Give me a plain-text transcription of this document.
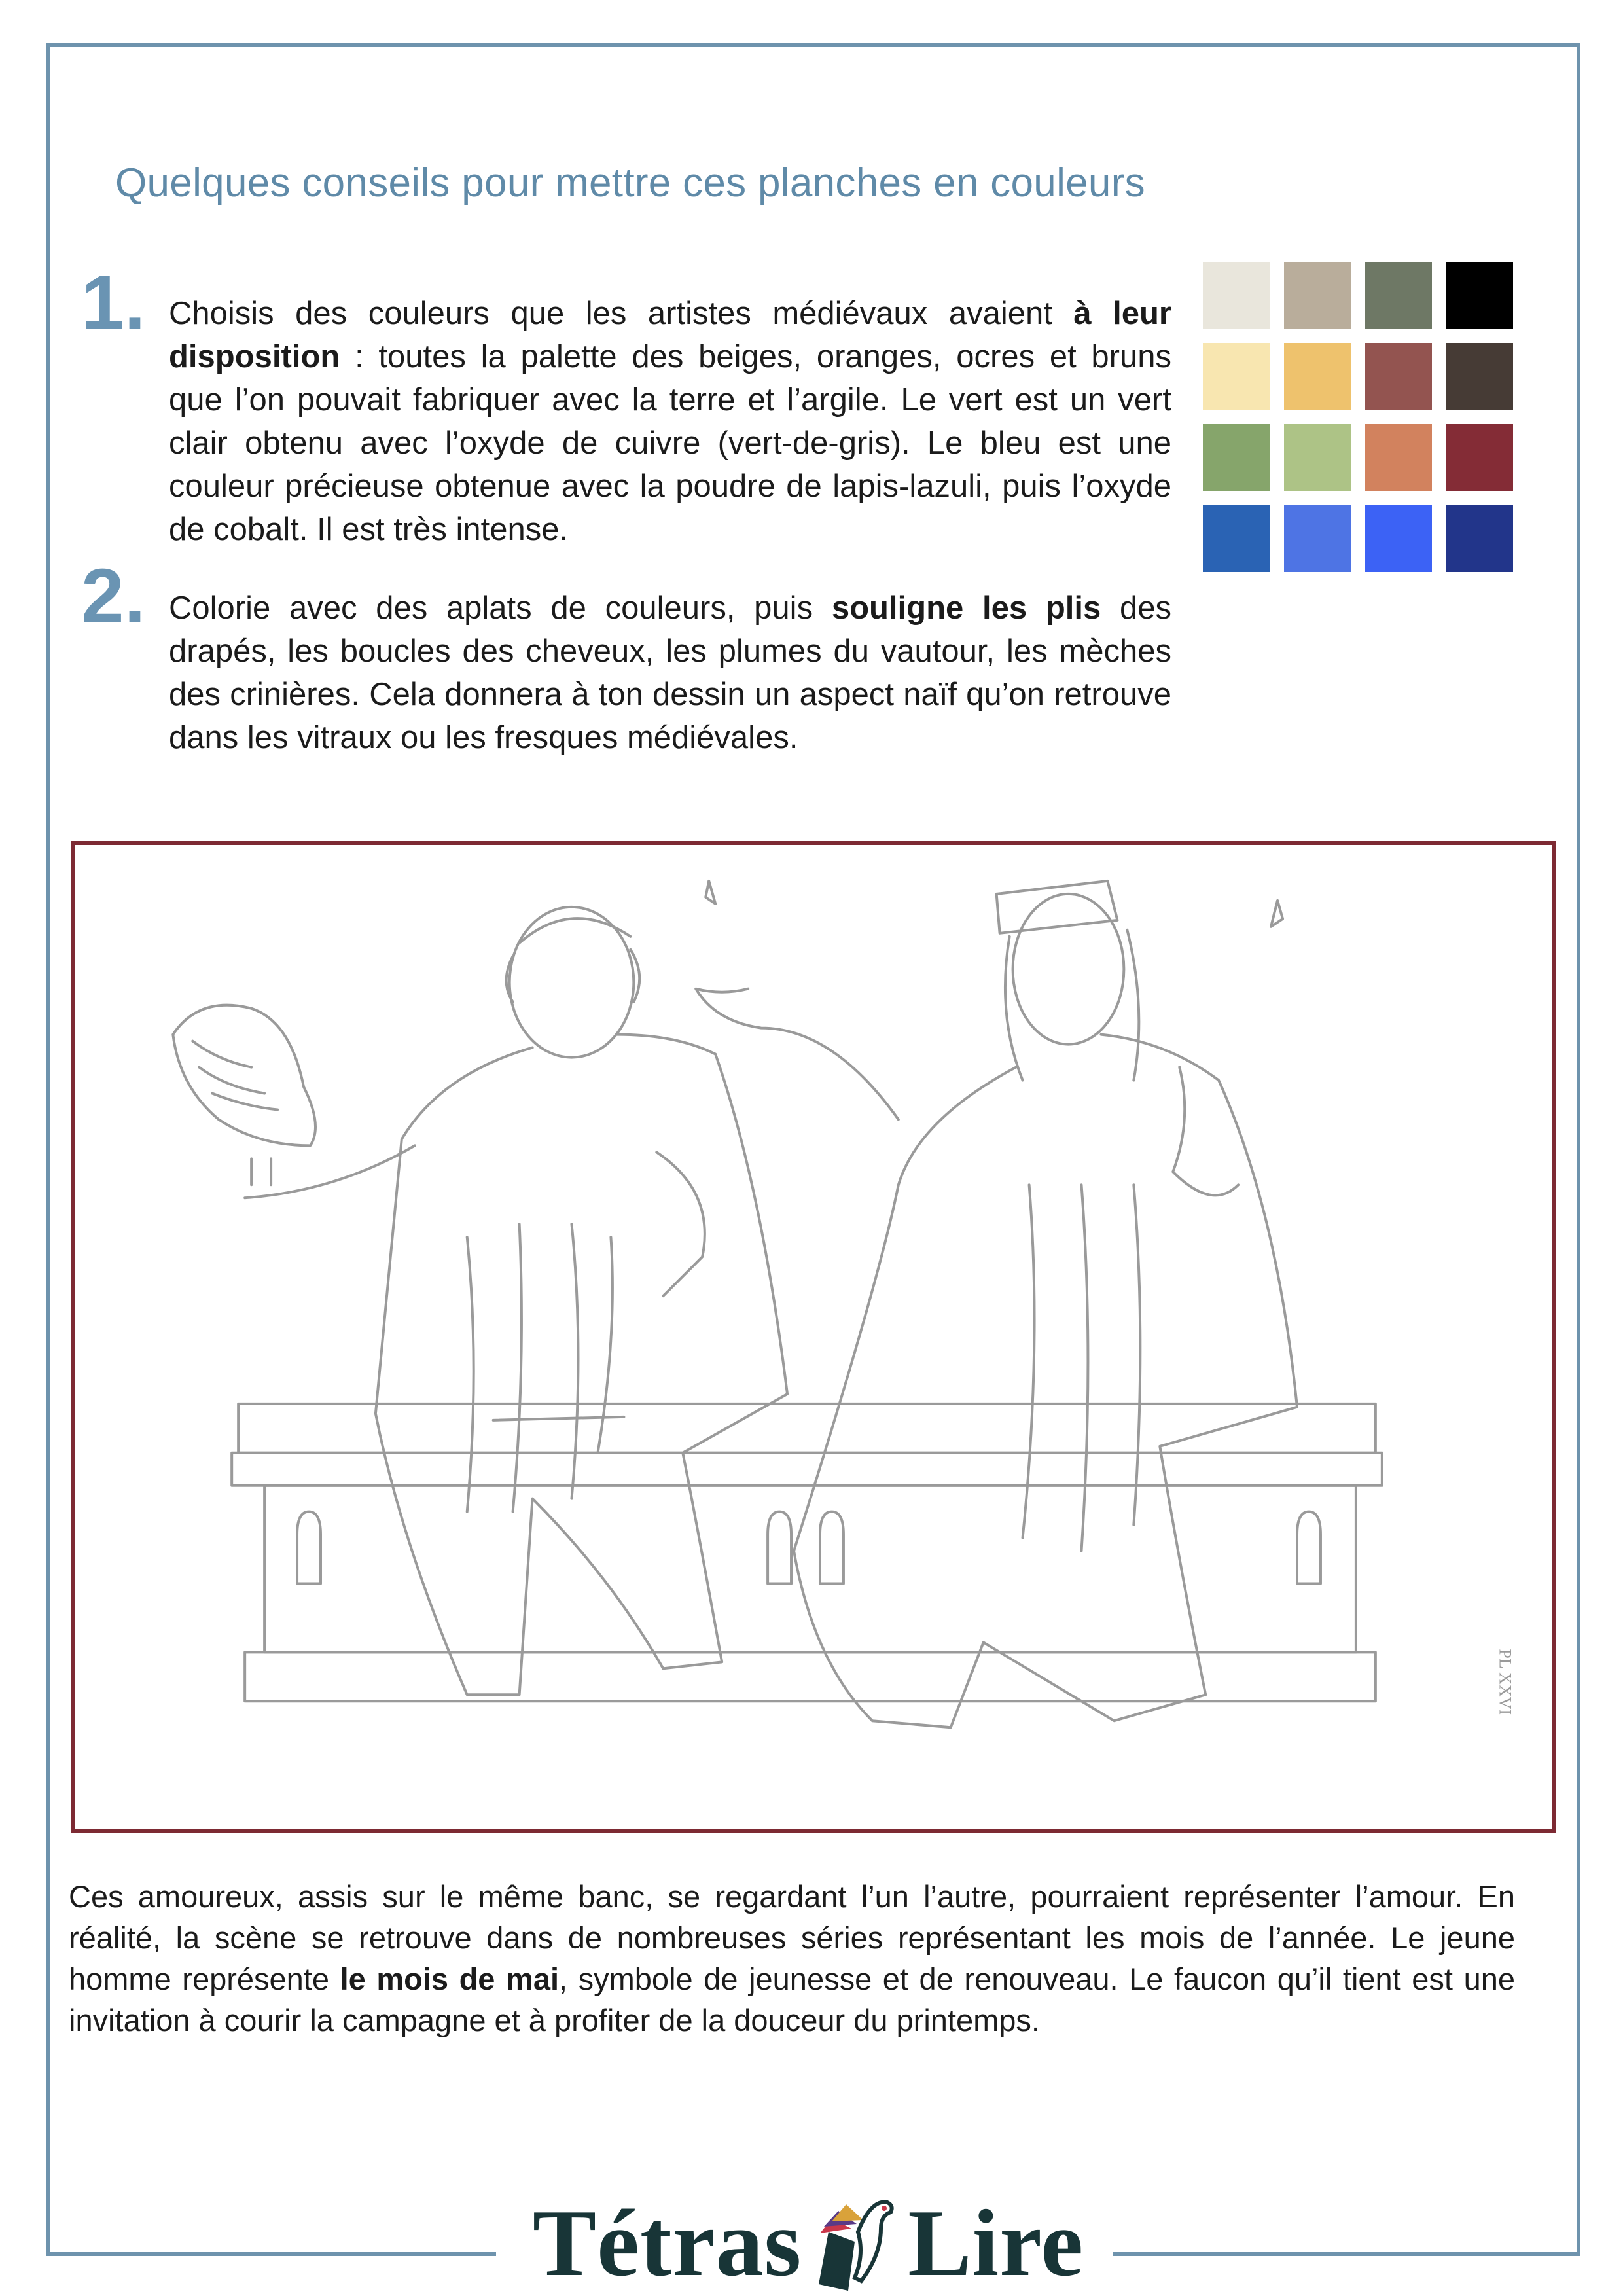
Quelques conseils pour mettre ces planches en couleurs
1. Choisis des couleurs que les artistes médiévaux avaient à leur disposition : toutes la palette des beiges, oranges, ocres et bruns que l’on pouvait fabriquer avec la terre et l’argile. Le vert est un vert clair obtenu avec l’oxyde de cuivre (vert-de-gris). Le bleu est une couleur précieuse obtenue avec la poudre de lapis-lazuli, puis l’oxyde de cobalt. Il est très intense.

2. Colorie avec des aplats de couleurs, puis souligne les plis des drapés, les boucles des cheveux, les plumes du vautour, les mèches des crinières. Cela donnera à ton dessin un aspect naïf qu’on retrouve dans les vitraux ou les fresques médiévales.

PL XXVI

Ces amoureux, assis sur le même banc, se regardant l’un l’autre, pourraient représenter l’amour. En réalité, la scène se retrouve dans de nombreuses séries représentant les mois de l’année. Le jeune homme représente le mois de mai, symbole de jeunesse et de renouveau. Le faucon qu’il tient est une invitation à courir la campagne et à profiter de la douceur du printemps.

Tétras Lire
